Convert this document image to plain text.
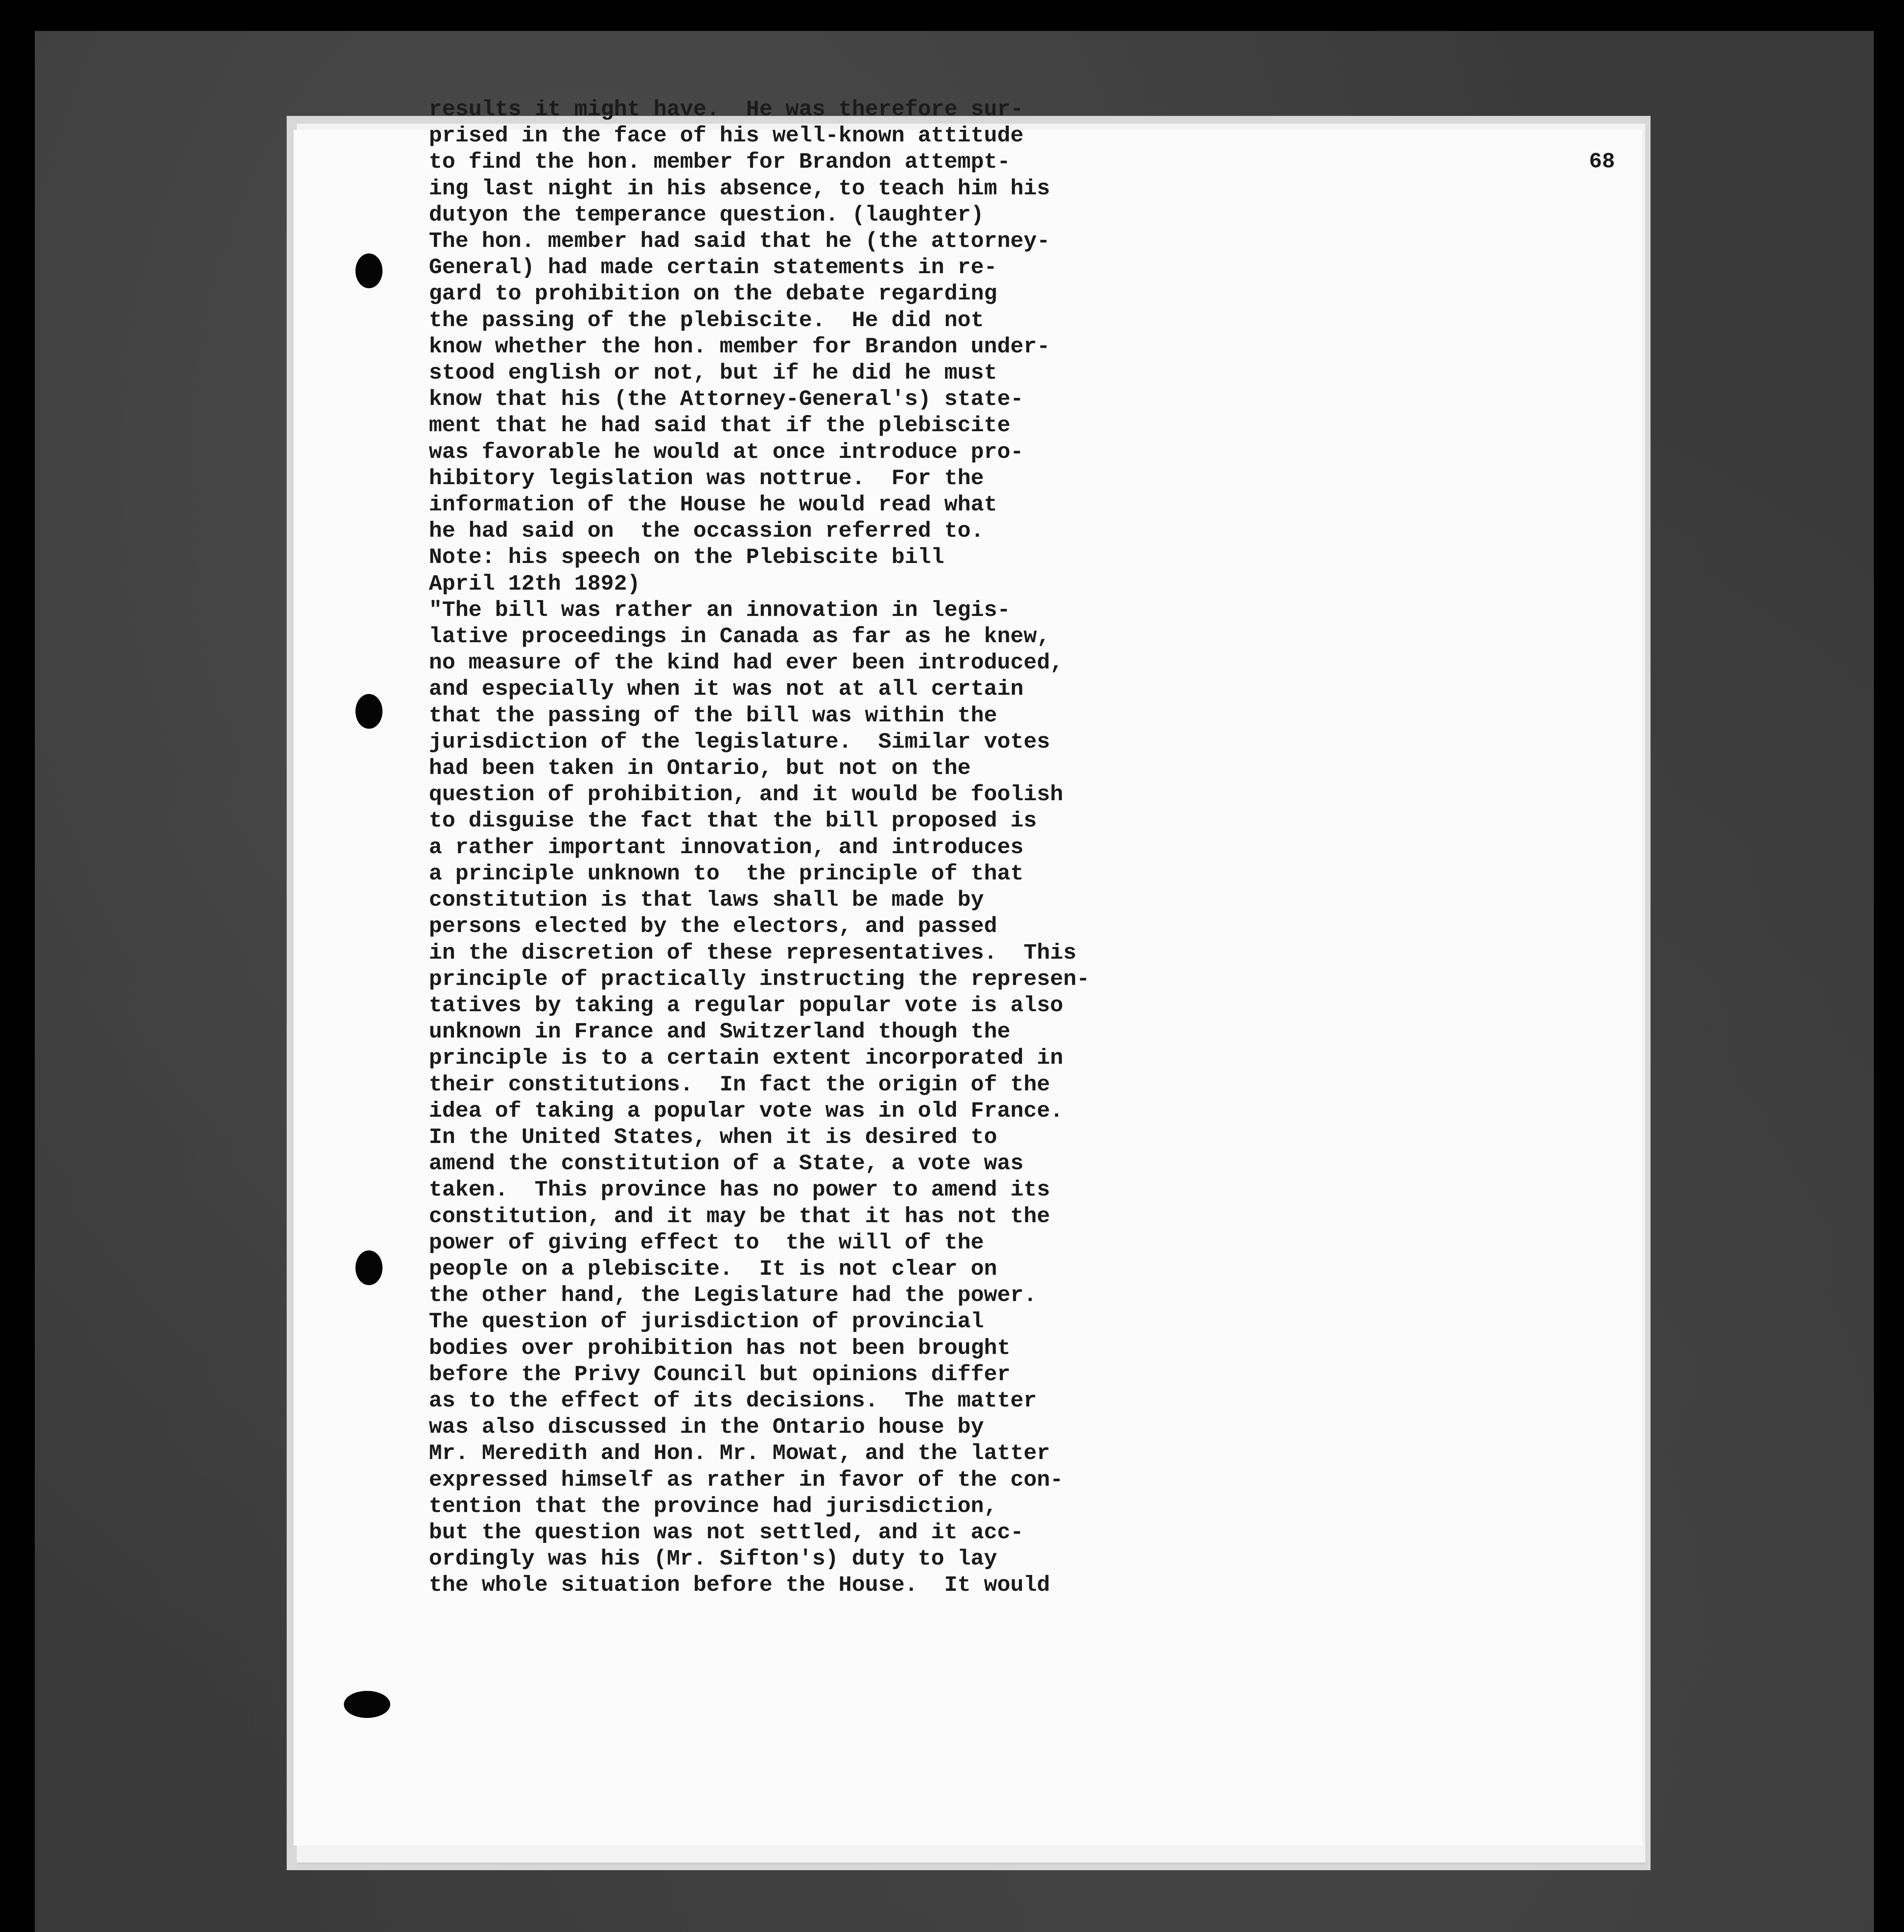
68
results it might have.  He was therefore sur-
prised in the face of his well-known attitude
to find the hon. member for Brandon attempt-
ing last night in his absence, to teach him his
dutyon the temperance question. (laughter)
The hon. member had said that he (the attorney-
General) had made certain statements in re-
gard to prohibition on the debate regarding
the passing of the plebiscite.  He did not
know whether the hon. member for Brandon under-
stood english or not, but if he did he must
know that his (the Attorney-General's) state-
ment that he had said that if the plebiscite
was favorable he would at once introduce pro-
hibitory legislation was nottrue.  For the
information of the House he would read what
he had said on  the occassion referred to.
Note: his speech on the Plebiscite bill
April 12th 1892)
"The bill was rather an innovation in legis-
lative proceedings in Canada as far as he knew,
no measure of the kind had ever been introduced,
and especially when it was not at all certain
that the passing of the bill was within the
jurisdiction of the legislature.  Similar votes
had been taken in Ontario, but not on the
question of prohibition, and it would be foolish
to disguise the fact that the bill proposed is
a rather important innovation, and introduces
a principle unknown to  the principle of that
constitution is that laws shall be made by
persons elected by the electors, and passed
in the discretion of these representatives.  This
principle of practically instructing the represen-
tatives by taking a regular popular vote is also
unknown in France and Switzerland though the
principle is to a certain extent incorporated in
their constitutions.  In fact the origin of the
idea of taking a popular vote was in old France.
In the United States, when it is desired to
amend the constitution of a State, a vote was
taken.  This province has no power to amend its
constitution, and it may be that it has not the
power of giving effect to  the will of the
people on a plebiscite.  It is not clear on
the other hand, the Legislature had the power.
The question of jurisdiction of provincial
bodies over prohibition has not been brought
before the Privy Council but opinions differ
as to the effect of its decisions.  The matter
was also discussed in the Ontario house by
Mr. Meredith and Hon. Mr. Mowat, and the latter
expressed himself as rather in favor of the con-
tention that the province had jurisdiction,
but the question was not settled, and it acc-
ordingly was his (Mr. Sifton's) duty to lay
the whole situation before the House.  It would
